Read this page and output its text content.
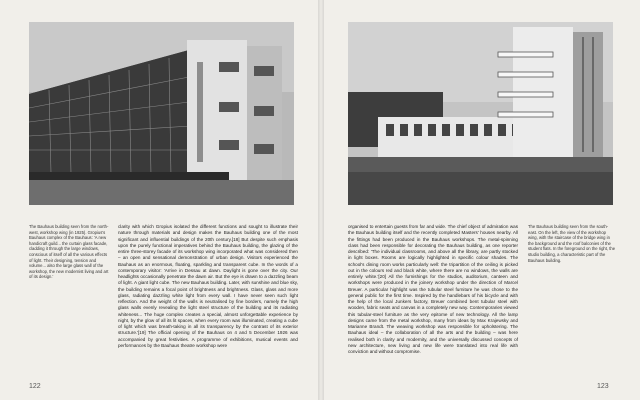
The Bauhaus building seen from the north-west, workshop wing (in 1925). Gropius's Bauhaus complex of the Bauhaus: 'A new handicraft guild... the curtain glass facade, cladding it through the large windows, conscious of itself of all the various effects of light. Their designing, tension and volume... also the large glass wall of the workshop, the new modernist living and art of its design.'
clarity with which Gropius isolated the different functions and sought to illustrate their nature through materials and design makes the Bauhaus building one of the most significant and influential buildings of the 20th century.[18] But despite such emphasis upon the purely functional imperatives behind the Bauhaus building, the glazing of the entire three-storey facade of its workshop wing incorporated what was considered then – an open and sensational demonstration of urban design. Visitors experienced the Bauhaus as an enormous, floating, sparkling and transparent cube. In the words of a contemporary visitor: 'Arrive in Dessau at dawn. Daylight is gone over the city. Our headlights occasionally penetrate the dawn air. But the eye is drawn to a dazzling beam of light. A giant light cube. The new Bauhaus building. Later, with sunshine and blue sky, the building remains a focal point of brightness and brightness. Glass, glass and more glass, radiating dazzling white light from every wall. I have never seen such light reflection. And the weight of the walls is neutralised by fine borders, namely the high glass walls evenly revealing the light steel structure of the building and its radiating whiteness... The huge complex creates a special, almost unforgettable experience by night, by the glow of all its lit spaces, when every room was illuminated, creating a cube of light which was breath-taking in all its transparency by the contrast of its exterior structure.'[19] The official opening of the Bauhaus on 4 and 5 December 1926 was accompanied by great festivities. A programme of exhibitions, musical events and performances by the Bauhaus theatre workshop were
122
organised to entertain guests from far and wide. The chief object of admiration was the Bauhaus building itself and the recently completed Masters' houses nearby. All the fittings had been produced in the Bauhaus workshops. The metal-spinning class had been responsible for decorating the Bauhaus building, as one reporter described: 'The individual classrooms, and above all the library, are partly stocked in light boxes. Rooms are logically highlighted in specific colour shades. The school's dining room works particularly well: the tripartition of the ceiling is picked out in the colours red and black white, where there are no windows, the walls are entirely white.'[20] All the furnishings for the studios, auditorium, canteen and workshops were produced in the joinery workshop under the direction of Marcel Breuer. A particular highlight was the tubular steel furniture he was chose to the general public for the first time. Inspired by the handlebars of his bicycle and with the help of the local Junkers factory, Breuer combined bent tubular steel with wooden, fabric seats and canvas in a completely new way. Contemporaries viewed this tubular-steel furniture as the very epitome of new technology. All the lamp designs came from the metal workshop, many from ideas by Max Krajewsky and Marianne Brandt. The weaving workshop was responsible for upholstering. The Bauhaus ideal – the collaboration of all the arts and the building – was here realised both in clarity and modernity, and the universally discussed concepts of new architecture, new living and new life were translated into real life with conviction and without compromise.
The Bauhaus building seen from the south-east. On the left, the view of the workshop wing, with the staircase of the bridge wing in the background and the roof balconies of the student flats. In the foreground on the right, the studio building, a characteristic part of the Bauhaus building.
123
